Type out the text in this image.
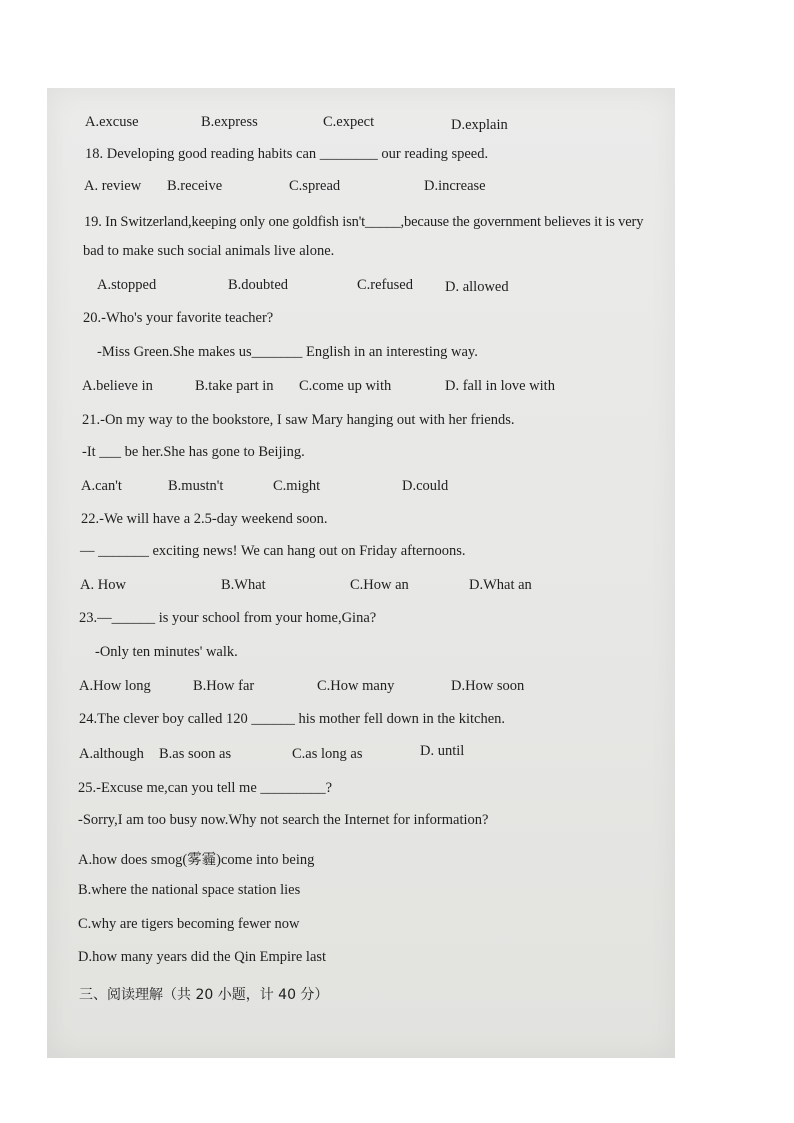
A.excuse	B.express	C.expect	D.explain
18. Developing good reading habits can ________ our reading speed.
A. review B.receive	C.spread	D.increase
19. In Switzerland,keeping only one goldfish isn't_____,because the government believes it is very
bad to make such social animals live alone.
A.stopped	B.doubted	C.refused D. allowed
20.-Who's your favorite teacher?
-Miss Green.She makes us_______ English in an interesting way.
A.believe in	B.take part in C.come up with	D. fall in love with
21.-On my way to the bookstore, I saw Mary hanging out with her friends.
-It ___ be her.She has gone to Beijing.
A.can't	B.mustn't	C.might	D.could
22.-We will have a 2.5-day weekend soon.
— _______ exciting news! We can hang out on Friday afternoons.
A. How	B.What	C.How an	D.What an
23.—______ is your school from your home,Gina?
-Only ten minutes' walk.
A.How long	B.How far	C.How many	D.How soon
24.The clever boy called 120 ______ his mother fell down in the kitchen.
A.although B.as soon as	C.as long as	D. until
25.-Excuse me,can you tell me _________?
-Sorry,I am too busy now.Why not search the Internet for information?
A.how does smog(雾霾)come into being
B.where the national space station lies
C.why are tigers becoming fewer now
D.how many years did the Qin Empire last
三、阅读理解（共 20 小题，计 40 分）
